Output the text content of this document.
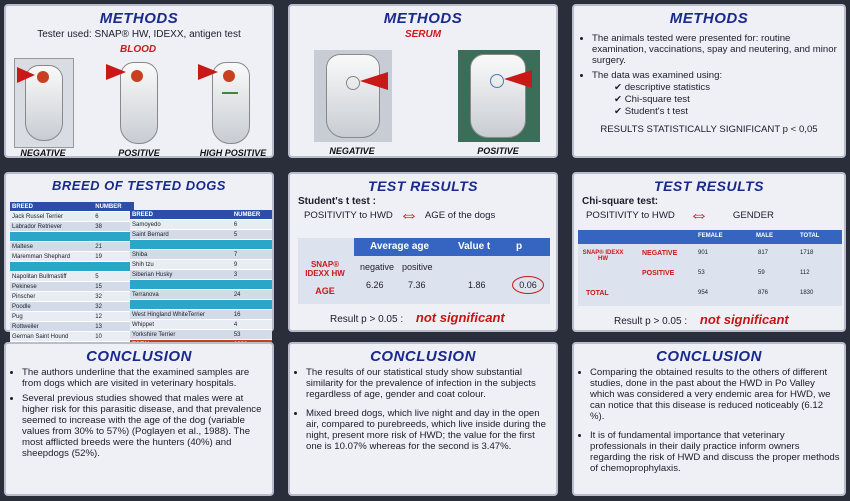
METHODS
Tester used: SNAP® HW, IDEXX, antigen test
BLOOD
NEGATIVE	POSITIVE	HIGH POSITIVE
METHODS
SERUM
NEGATIVE	POSITIVE
METHODS
• The animals tested were presented for: routine examination, vaccinations, spay and neutering, and minor surgery.
• The data was examined using:
✔ descriptive statistics
✔ Chi-square test
✔ Student's t test
RESULTS STATISTICALLY SIGNIFICANT p < 0,05
BREED OF TESTED DOGS
BREED	NUMBER
Jack Russel Terrier	6
Labrador Retriever	38

Maltese	21
Maremman Shephard	19

Napolitan Bullmastiff	5
Pekinese	15
Pinscher	32
Poodle	32
Pug	12
Rottweiler	13
German Saint Hound	10
BREED	NUMBER
Samoyedo	6
Saint Bernard	5

Shiba	7
Shih tzu	9
Siberian Husky	3

Terranova	24

West Hingland WhiteTerrier	16
Whippet	4
Yorkshire Terrier	53

TEST RESULTS
Student's t test :
POSITIVITY to HWD ⇔ AGE of the dogs
Average age	Value t	p
SNAP® IDEXX HW
AGE
negative positive
6.26	7.36	1.86	0.06
Result p > 0.05 : not significant
TEST RESULTS
Chi-square test:
POSITIVITY to HWD ⇔	GENDER
FEMALE	MALE	TOTAL
SNAP® IDEXX HW
NEGATIVE	901	817	1718
POSITIVE	53	59	112
TOTAL	954	876	1830
Result p > 0.05 : not significant
CONCLUSION
• The authors underline that the examined samples are from dogs which are visited in veterinary hospitals.
• Several previous studies showed that males were at higher risk for this parasitic disease, and that prevalence seemed to increase with the age of the dog (variable values from 30% to 57%) (Poglayen et al., 1988). The most afflicted breeds were the hunters (40%) and sheepdogs (52%).
CONCLUSION
• The results of our statistical study show substantial similarity for the prevalence of infection in the subjects regardless of age, gender and coat colour.
• Mixed breed dogs, which live night and day in the open air, compared to purebreeds, which live inside during the night, present more risk of HWD; the value for the first one is 10.07% whereas for the second is 3.47%.
CONCLUSION
• Comparing the obtained results to the others of different studies, done in the past about the HWD in Po Valley which was considered a very endemic area for HWD, we can notice that this disease is reduced noticeably (6.12 %).
• It is of fundamental importance that veterinary professionals in their daily practice inform owners regarding the risk of HWD and discuss the proper methods of chemoprophylaxis.
